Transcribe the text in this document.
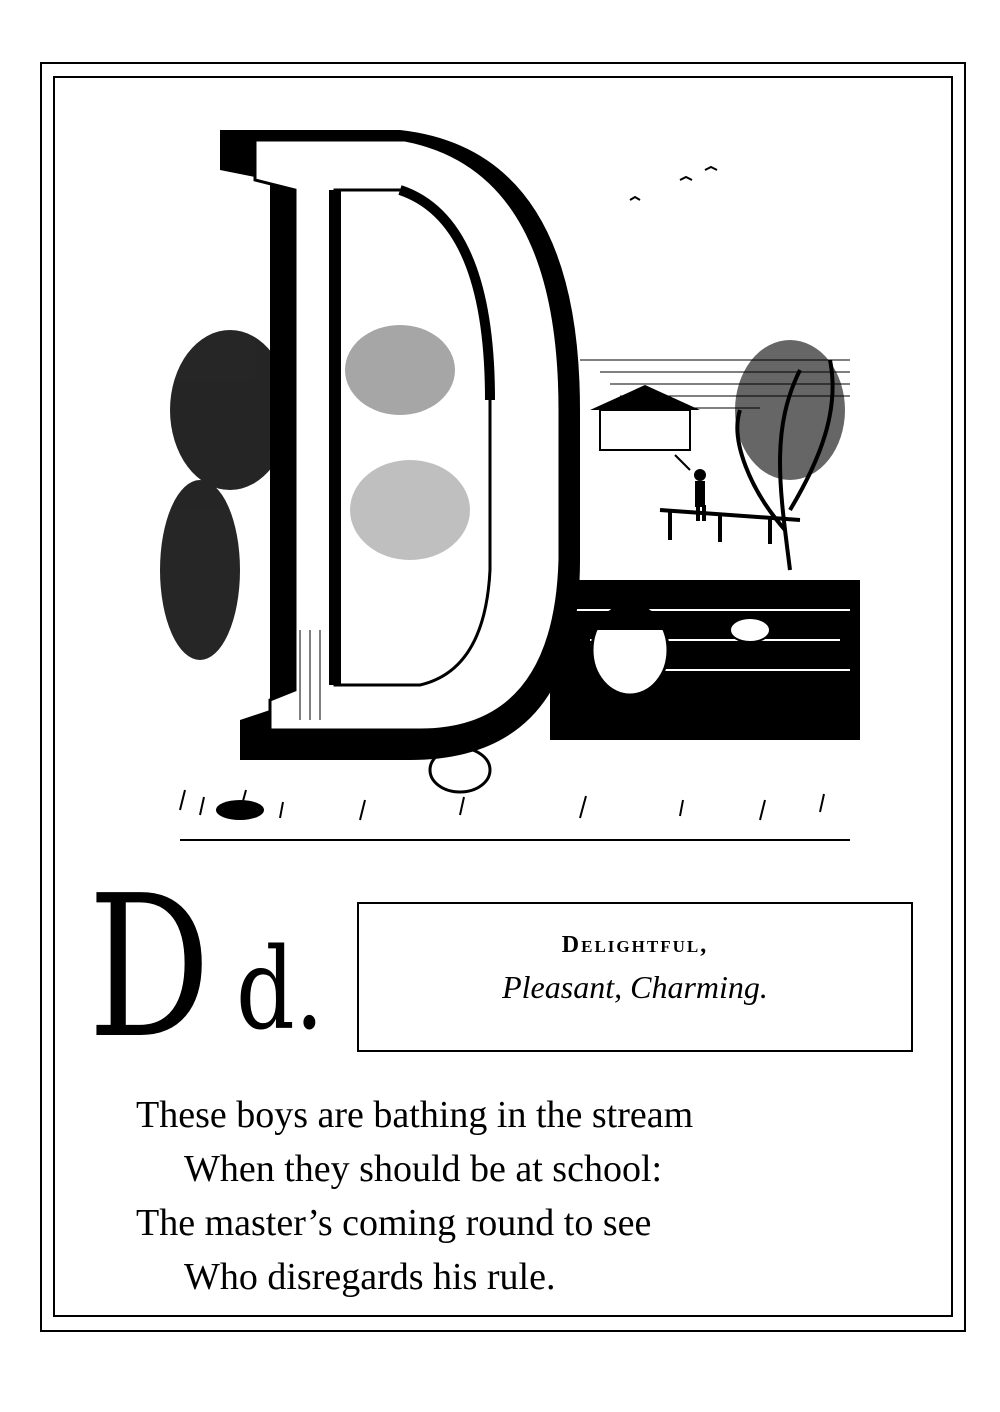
D d.	Delightful,
Pleasant, Charming.
These boys are bathing in the stream
When they should be at school:
The master’s coming round to see
Who disregards his rule.
